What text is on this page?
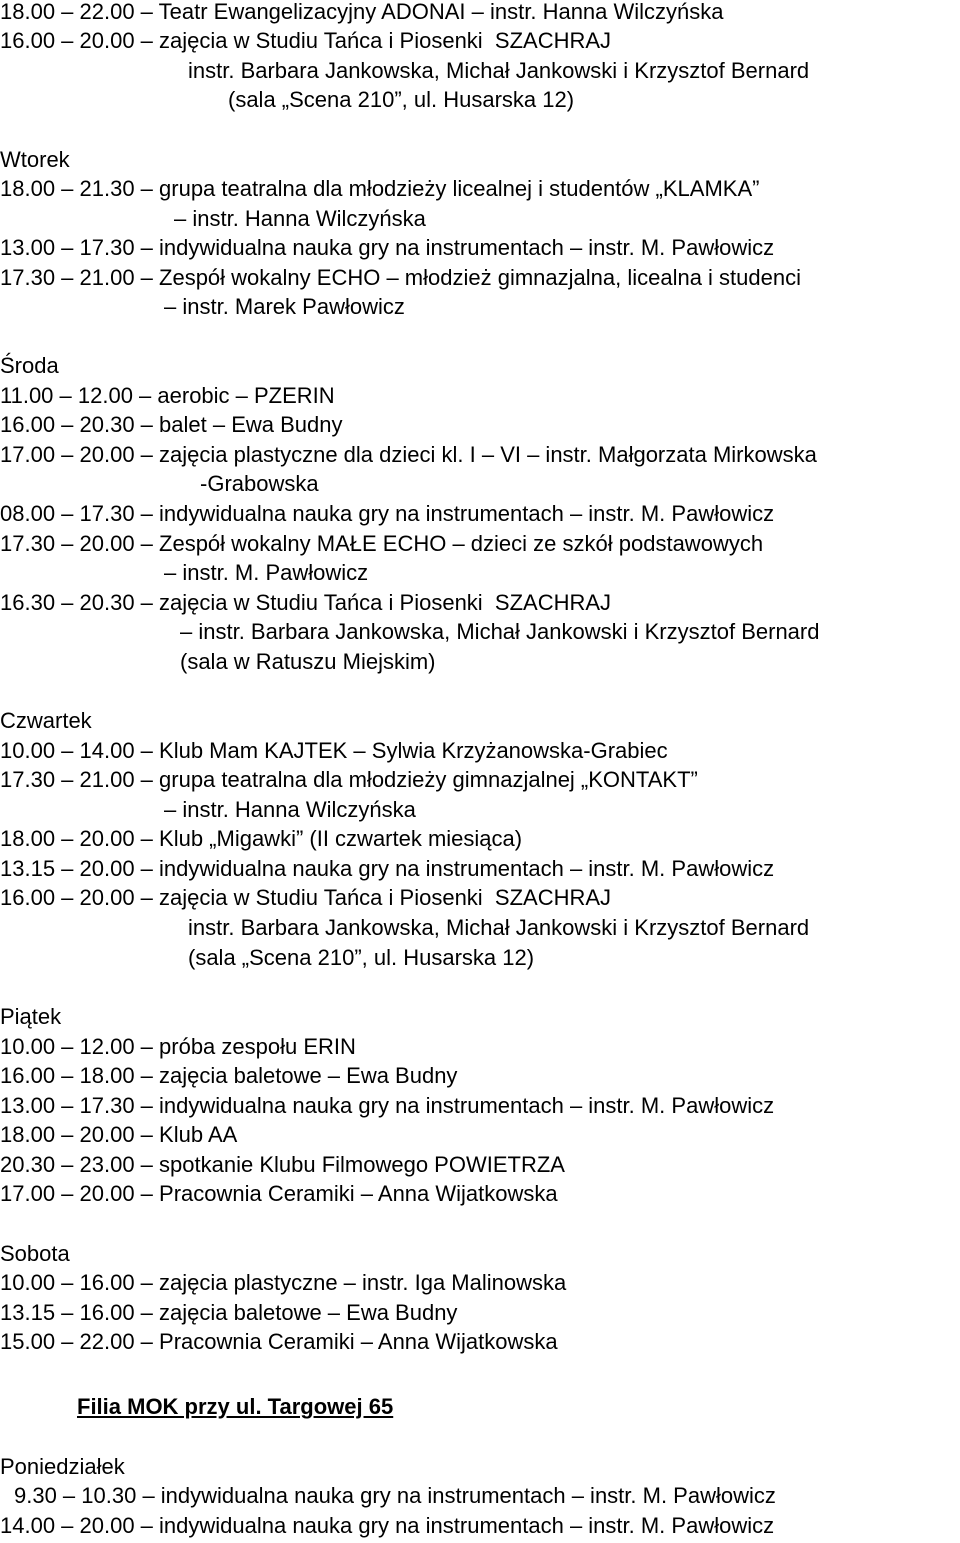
18.00 – 22.00 – Teatr Ewangelizacyjny ADONAI – instr. Hanna Wilczyńska
16.00 – 20.00 – zajęcia w Studiu Tańca i Piosenki  SZACHRAJ
instr. Barbara Jankowska, Michał Jankowski i Krzysztof Bernard
(sala „Scena 210”, ul. Husarska 12)
Wtorek
18.00 – 21.30 – grupa teatralna dla młodzieży licealnej i studentów „KLAMKA”
– instr. Hanna Wilczyńska
13.00 – 17.30 – indywidualna nauka gry na instrumentach – instr. M. Pawłowicz
17.30 – 21.00 – Zespół wokalny ECHO – młodzież gimnazjalna, licealna i studenci
– instr. Marek Pawłowicz
Środa
11.00 – 12.00 – aerobic – PZERIN
16.00 – 20.30 – balet – Ewa Budny
17.00 – 20.00 – zajęcia plastyczne dla dzieci kl. I – VI – instr. Małgorzata Mirkowska
-Grabowska
08.00 – 17.30 – indywidualna nauka gry na instrumentach – instr. M. Pawłowicz
17.30 – 20.00 – Zespół wokalny MAŁE ECHO – dzieci ze szkół podstawowych
– instr. M. Pawłowicz
16.30 – 20.30 – zajęcia w Studiu Tańca i Piosenki  SZACHRAJ
– instr. Barbara Jankowska, Michał Jankowski i Krzysztof Bernard
(sala w Ratuszu Miejskim)
Czwartek
10.00 – 14.00 – Klub Mam KAJTEK – Sylwia Krzyżanowska-Grabiec
17.30 – 21.00 – grupa teatralna dla młodzieży gimnazjalnej „KONTAKT”
– instr. Hanna Wilczyńska
18.00 – 20.00 – Klub „Migawki” (II czwartek miesiąca)
13.15 – 20.00 – indywidualna nauka gry na instrumentach – instr. M. Pawłowicz
16.00 – 20.00 – zajęcia w Studiu Tańca i Piosenki  SZACHRAJ
instr. Barbara Jankowska, Michał Jankowski i Krzysztof Bernard
(sala „Scena 210”, ul. Husarska 12)
Piątek
10.00 – 12.00 – próba zespołu ERIN
16.00 – 18.00 – zajęcia baletowe – Ewa Budny
13.00 – 17.30 – indywidualna nauka gry na instrumentach – instr. M. Pawłowicz
18.00 – 20.00 – Klub AA
20.30 – 23.00 – spotkanie Klubu Filmowego POWIETRZA
17.00 – 20.00 – Pracownia Ceramiki – Anna Wijatkowska
Sobota
10.00 – 16.00 – zajęcia plastyczne – instr. Iga Malinowska
13.15 – 16.00 – zajęcia baletowe – Ewa Budny
15.00 – 22.00 – Pracownia Ceramiki – Anna Wijatkowska
Filia MOK przy ul. Targowej 65
Poniedziałek
9.30 – 10.30 – indywidualna nauka gry na instrumentach – instr. M. Pawłowicz
14.00 – 20.00 – indywidualna nauka gry na instrumentach – instr. M. Pawłowicz
